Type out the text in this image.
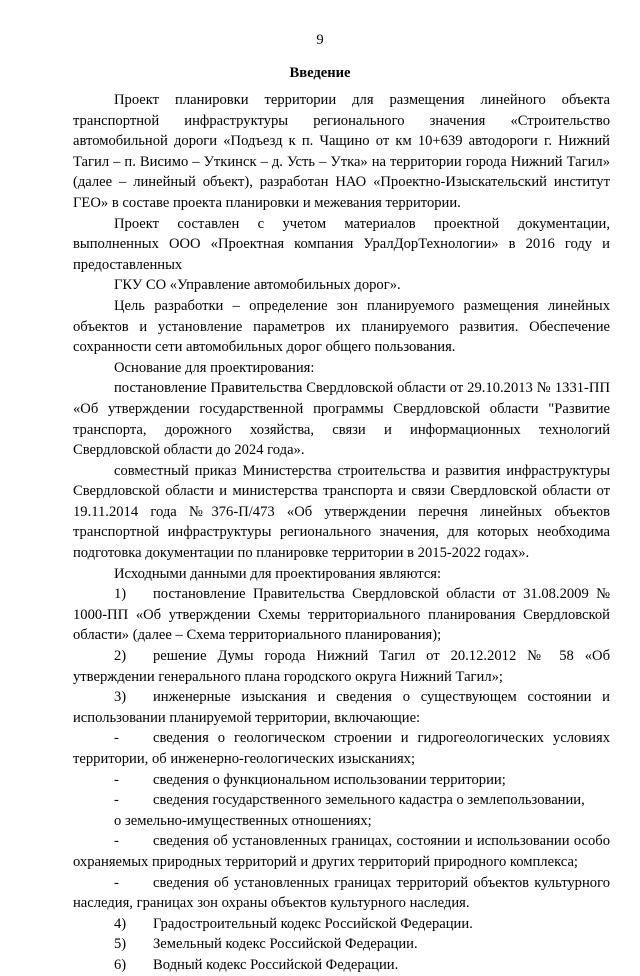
9
Введение

Проект планировки территории для размещения линейного объекта транспортной инфраструктуры регионального значения «Строительство автомобильной дороги «Подъезд к п. Чащино от км 10+639 автодороги г. Нижний Тагил – п. Висимо – Уткинск – д. Усть – Утка» на территории города Нижний Тагил» (далее – линейный объект), разработан НАО «Проектно-Изыскательский институт ГЕО» в составе проекта планировки и межевания территории.

Проект составлен с учетом материалов проектной документации, выполненных ООО «Проектная компания УралДорТехнологии» в 2016 году и предоставленных

ГКУ СО «Управление автомобильных дорог».

Цель разработки – определение зон планируемого размещения линейных объектов и установление параметров их планируемого развития. Обеспечение сохранности сети автомобильных дорог общего пользования.

Основание для проектирования:

постановление Правительства Свердловской области от 29.10.2013 № 1331-ПП «Об утверждении государственной программы Свердловской области "Развитие транспорта, дорожного хозяйства, связи и информационных технологий Свердловской области до 2024 года».

совместный приказ Министерства строительства и развития инфраструктуры Свердловской области и министерства транспорта и связи Свердловской области от 19.11.2014 года №376-П/473 «Об утверждении перечня линейных объектов транспортной инфраструктуры регионального значения, для которых необходима подготовка документации по планировке территории в 2015-2022 годах».

Исходными данными для проектирования являются:

1) постановление Правительства Свердловской области от 31.08.2009 № 1000-ПП «Об утверждении Схемы территориального планирования Свердловской области» (далее – Схема территориального планирования);

2) решение Думы города Нижний Тагил от 20.12.2012 № 58 «Об утверждении генерального плана городского округа Нижний Тагил»;

3) инженерные изыскания и сведения о существующем состоянии и использовании планируемой территории, включающие:

- сведения о геологическом строении и гидрогеологических условиях территории, об инженерно-геологических изысканиях;

- сведения о функциональном использовании территории;

- сведения государственного земельного кадастра о землепользовании,

о земельно-имущественных отношениях;

- сведения об установленных границах, состоянии и использовании особо охраняемых природных территорий и других территорий природного комплекса;

- сведения об установленных границах территорий объектов культурного наследия, границах зон охраны объектов культурного наследия.

4) Градостроительный кодекс Российской Федерации.

5) Земельный кодекс Российской Федерации.

6) Водный кодекс Российской Федерации.
